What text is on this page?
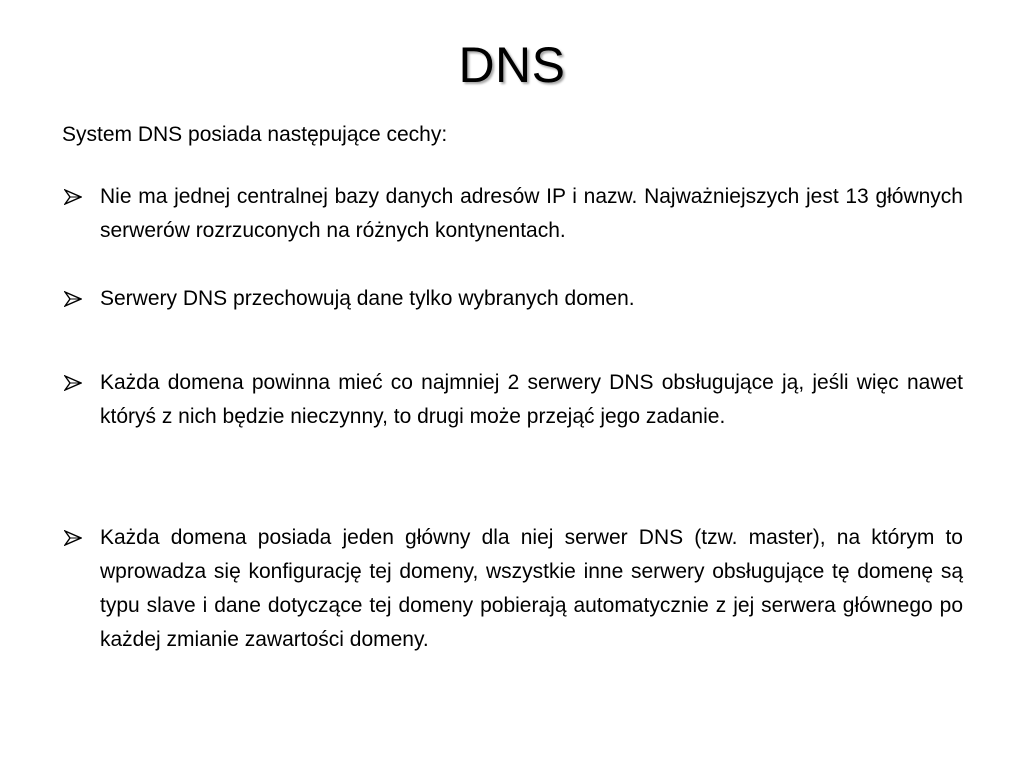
DNS
System DNS posiada następujące cechy:
Nie ma jednej centralnej bazy danych adresów IP i nazw. Najważniejszych jest 13 głównych serwerów rozrzuconych na różnych kontynentach.
Serwery DNS przechowują dane tylko wybranych domen.
Każda domena powinna mieć co najmniej 2 serwery DNS obsługujące ją, jeśli więc nawet któryś z nich będzie nieczynny, to drugi może przejąć jego zadanie.
Każda domena posiada jeden główny dla niej serwer DNS (tzw. master), na którym to wprowadza się konfigurację tej domeny, wszystkie inne serwery obsługujące tę domenę są typu slave i dane dotyczące tej domeny pobierają automatycznie z jej serwera głównego po każdej zmianie zawartości domeny.
